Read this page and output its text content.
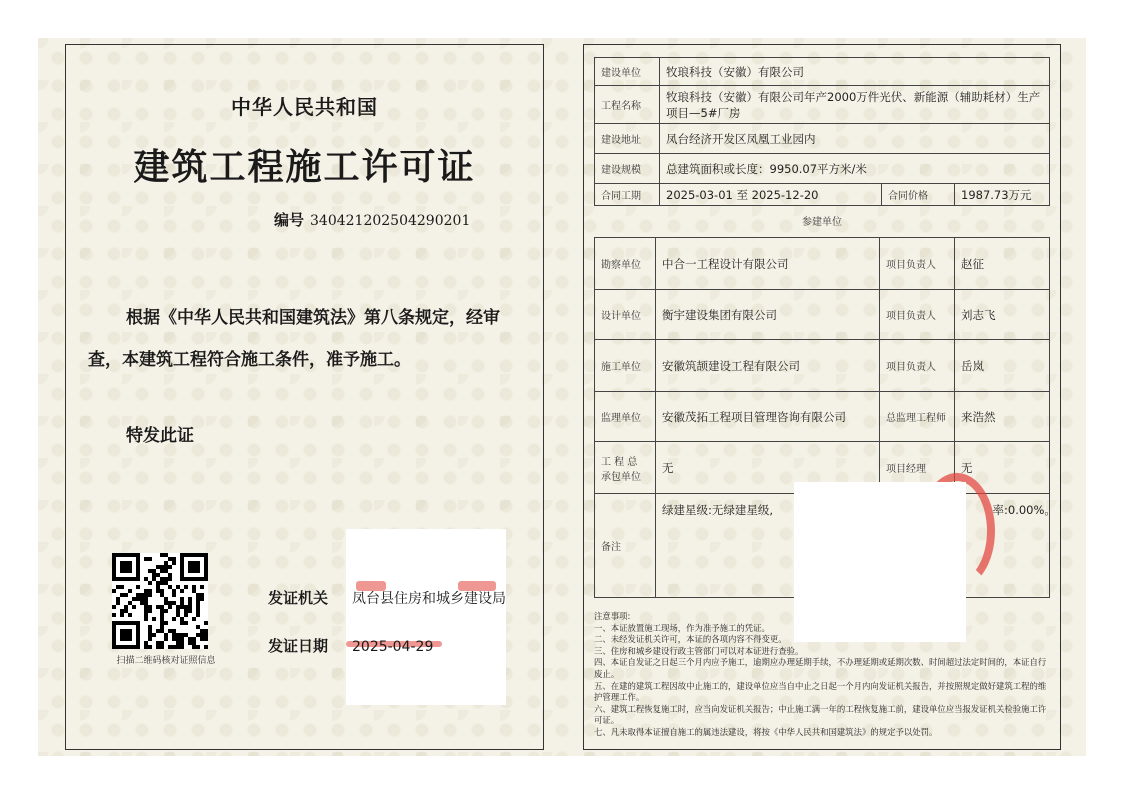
中华人民共和国
建筑工程施工许可证
编号 340421202504290201
根据《中华人民共和国建筑法》第八条规定，经审查，本建筑工程符合施工条件，准予施工。
特发此证
扫描二维码核对证照信息
发证机关 凤台县住房和城乡建设局
发证日期 2025-04-29
建设单位	牧琅科技（安徽）有限公司		
工程名称	牧琅科技（安徽）有限公司年产2000万件光伏、新能源（辅助耗材）生产项目—5#厂房		
建设地址	凤台经济开发区凤凰工业园内		
建设规模	总建筑面积或长度：9950.07平方米/米		
合同工期	2025-03-01 至 2025-12-20	合同价格	1987.73万元
参建单位
勘察单位	中合一工程设计有限公司	项目负责人	赵征
设计单位	衡宇建设集团有限公司	项目负责人	刘志飞
施工单位	安徽筑颉建设工程有限公司	项目负责人	岳岚
监理单位	安徽茂拓工程项目管理咨询有限公司	总监理工程师	来浩然
工 程 总 承包单位	无	项目经理	无
备注	绿建星级:无绿建星级, 率:0.00%。		
注意事项:
一、本证放置施工现场，作为准予施工的凭证。
二、未经发证机关许可，本证的各项内容不得变更。
三、住房和城乡建设行政主管部门可以对本证进行查验。
四、本证自发证之日起三个月内应予施工，逾期应办理延期手续，不办理延期或延期次数、时间超过法定时间的，本证自行废止。
五、在建的建筑工程因故中止施工的，建设单位应当自中止之日起一个月内向发证机关报告，并按照规定做好建筑工程的维护管理工作。
六、建筑工程恢复施工时，应当向发证机关报告；中止施工满一年的工程恢复施工前，建设单位应当报发证机关检验施工许可证。
七、凡未取得本证擅自施工的属违法建设，将按《中华人民共和国建筑法》的规定予以处罚。
